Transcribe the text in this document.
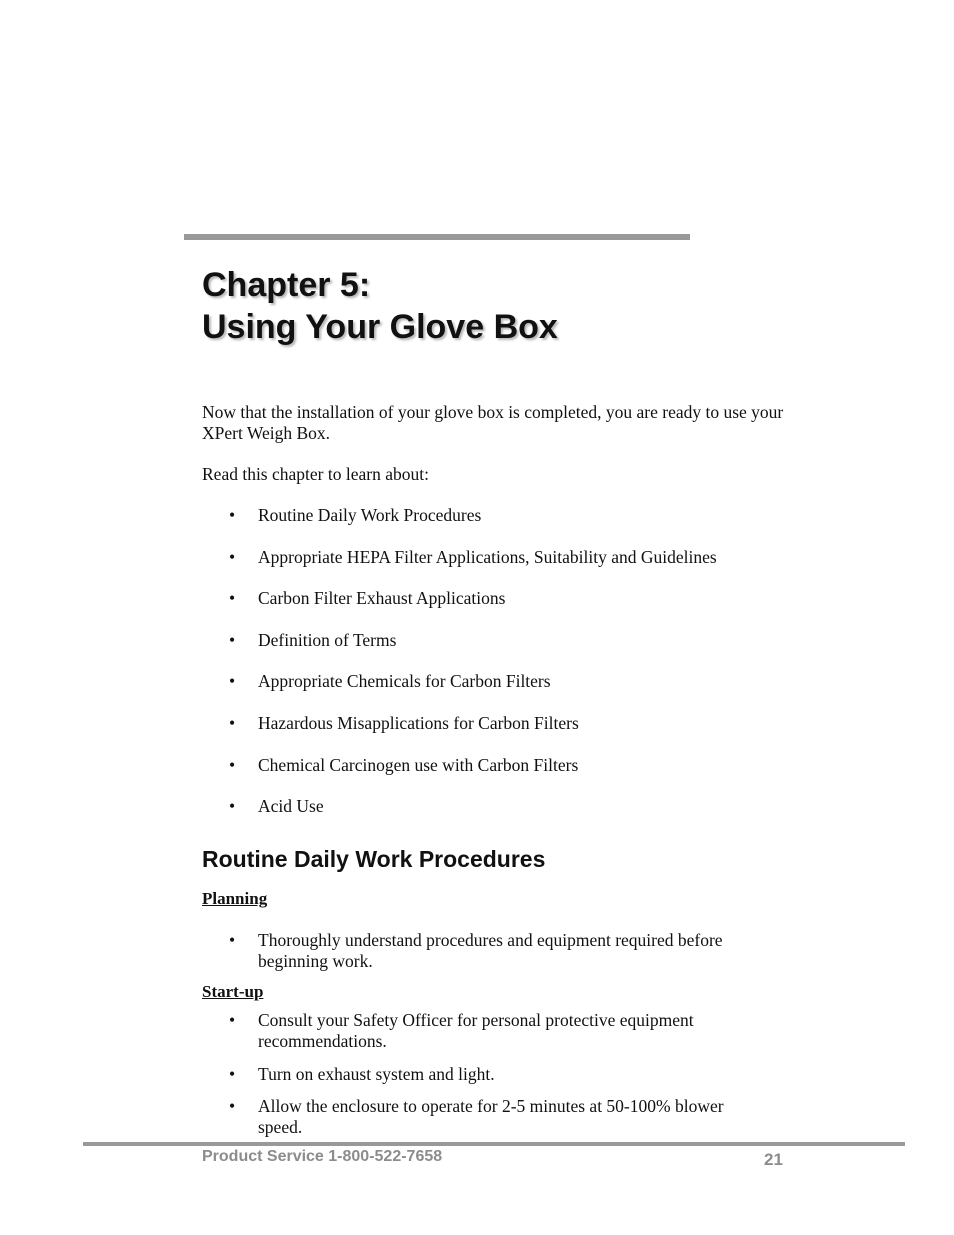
Chapter 5:
Using Your Glove Box

Now that the installation of your glove box is completed, you are ready to use your XPert Weigh Box.

Read this chapter to learn about:

• Routine Daily Work Procedures
• Appropriate HEPA Filter Applications, Suitability and Guidelines
• Carbon Filter Exhaust Applications
• Definition of Terms
• Appropriate Chemicals for Carbon Filters
• Hazardous Misapplications for Carbon Filters
• Chemical Carcinogen use with Carbon Filters
• Acid Use
Routine Daily Work Procedures

Planning

• Thoroughly understand procedures and equipment required before beginning work.

Start-up

• Consult your Safety Officer for personal protective equipment recommendations.
• Turn on exhaust system and light.
• Allow the enclosure to operate for 2-5 minutes at 50-100% blower speed.

Product Service 1-800-522-7658	21
